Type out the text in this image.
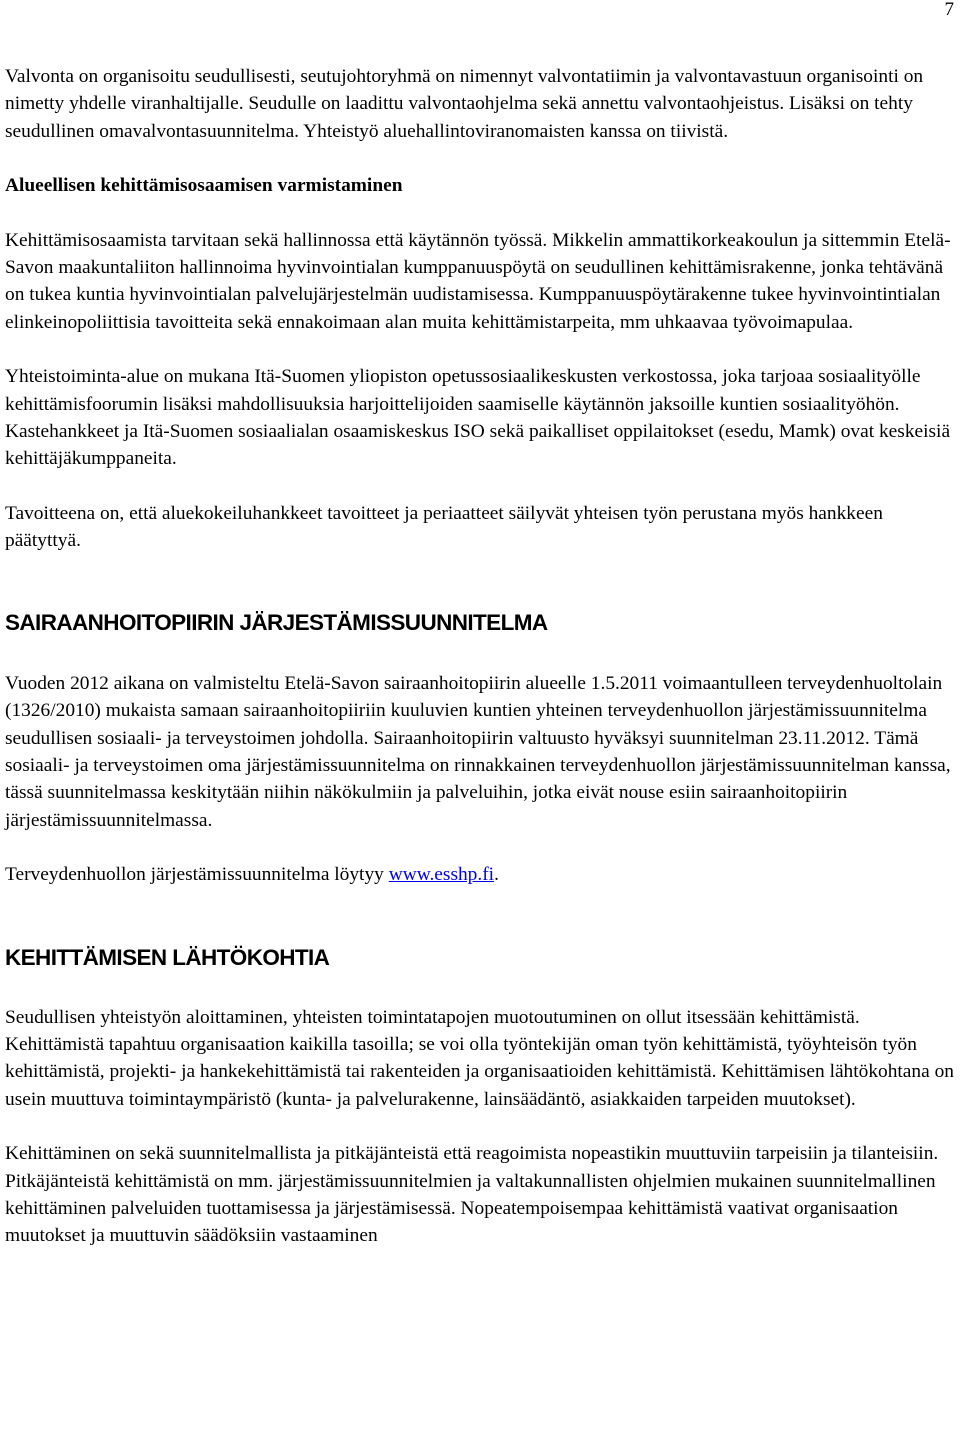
7

Valvonta on organisoitu seudullisesti, seutujohtoryhmä on nimennyt valvontatiimin ja valvontavastuun organisointi on nimetty yhdelle viranhaltijalle. Seudulle on laadittu valvontaohjelma sekä annettu valvontaohjeistus. Lisäksi on tehty seudullinen omavalvontasuunnitelma. Yhteistyö aluehallintoviranomaisten kanssa on tiivistä.

Alueellisen kehittämisosaamisen varmistaminen

Kehittämisosaamista tarvitaan sekä hallinnossa että käytännön työssä. Mikkelin ammattikorkeakoulun ja sittemmin Etelä-Savon maakuntaliiton hallinnoima hyvinvointialan kumppanuuspöytä on seudullinen kehittämisrakenne, jonka tehtävänä on tukea kuntia hyvinvointialan palvelujärjestelmän uudistamisessa. Kumppanuuspöytärakenne tukee hyvinvointintialan elinkeinopoliittisia tavoitteita sekä ennakoimaan alan muita kehittämistarpeita, mm uhkaavaa työvoimapulaa.

Yhteistoiminta-alue on mukana Itä-Suomen yliopiston opetussosiaalikeskusten verkostossa, joka tarjoaa sosiaalityölle kehittämisfoorumin lisäksi mahdollisuuksia harjoittelijoiden saamiselle käytännön jaksoille kuntien sosiaalityöhön. Kastehankkeet ja Itä-Suomen sosiaalialan osaamiskeskus ISO sekä paikalliset oppilaitokset (esedu, Mamk) ovat keskeisiä kehittäjäkumppaneita.

Tavoitteena on, että aluekokeiluhankkeet tavoitteet ja periaatteet säilyvät yhteisen työn perustana myös hankkeen päätyttyä.

SAIRAANHOITOPIIRIN JÄRJESTÄMISSUUNNITELMA

Vuoden 2012 aikana on valmisteltu Etelä-Savon sairaanhoitopiirin alueelle 1.5.2011 voimaantulleen terveydenhuoltolain (1326/2010) mukaista samaan sairaanhoitopiiriin kuuluvien kuntien yhteinen terveydenhuollon järjestämissuunnitelma seudullisen sosiaali- ja terveystoimen johdolla. Sairaanhoitopiirin valtuusto hyväksyi suunnitelman 23.11.2012. Tämä sosiaali- ja terveystoimen oma järjestämissuunnitelma on rinnakkainen terveydenhuollon järjestämissuunnitelman kanssa, tässä suunnitelmassa keskitytään niihin näkökulmiin ja palveluihin, jotka eivät nouse esiin sairaanhoitopiirin järjestämissuunnitelmassa.

Terveydenhuollon järjestämissuunnitelma löytyy www.esshp.fi.

KEHITTÄMISEN LÄHTÖKOHTIA

Seudullisen yhteistyön aloittaminen, yhteisten toimintatapojen muotoutuminen on ollut itsessään kehittämistä. Kehittämistä tapahtuu organisaation kaikilla tasoilla; se voi olla työntekijän oman työn kehittämistä, työyhteisön työn kehittämistä, projekti- ja hankekehittämistä tai rakenteiden ja organisaatioiden kehittämistä. Kehittämisen lähtökohtana on usein muuttuva toimintaympäristö (kunta- ja palvelurakenne, lainsäädäntö, asiakkaiden tarpeiden muutokset).

Kehittäminen on sekä suunnitelmallista ja pitkäjänteistä että reagoimista nopeastikin muuttuviin tarpeisiin ja tilanteisiin. Pitkäjänteistä kehittämistä on mm. järjestämissuunnitelmien ja valtakunnallisten ohjelmien mukainen suunnitelmallinen kehittäminen palveluiden tuottamisessa ja järjestämisessä. Nopeatempoisempaa kehittämistä vaativat organisaation muutokset ja muuttuvin säädöksiin vastaaminen
